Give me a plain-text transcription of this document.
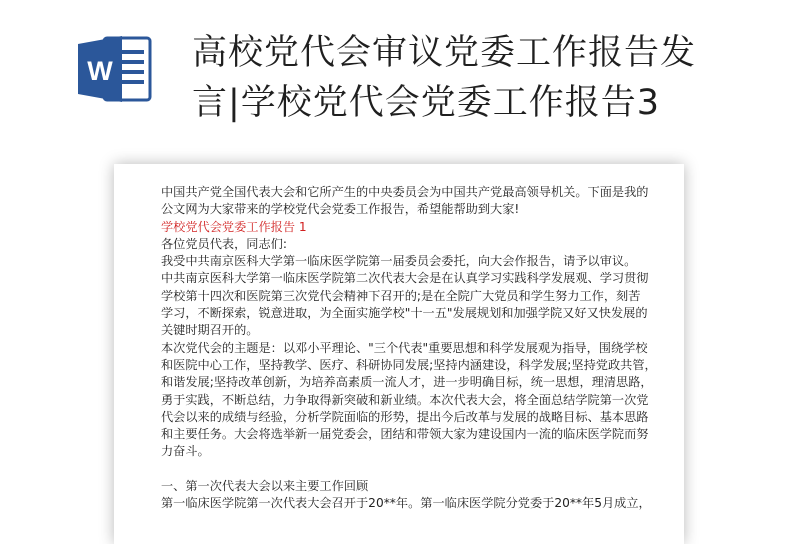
W 高校党代会审议党委工作报告发
言|学校党代会党委工作报告3
中国共产党全国代表大会和它所产生的中央委员会为中国共产党最高领导机关。下面是我的
公文网为大家带来的学校党代会党委工作报告，希望能帮助到大家!
学校党代会党委工作报告 1
各位党员代表，同志们:
我受中共南京医科大学第一临床医学院第一届委员会委托，向大会作报告，请予以审议。
中共南京医科大学第一临床医学院第二次代表大会是在认真学习实践科学发展观、学习贯彻
学校第十四次和医院第三次党代会精神下召开的;是在全院广大党员和学生努力工作，刻苦
学习，不断探索，锐意进取，为全面实施学校"十一五"发展规划和加强学院又好又快发展的
关键时期召开的。
本次党代会的主题是：以邓小平理论、"三个代表"重要思想和科学发展观为指导，围绕学校
和医院中心工作，坚持教学、医疗、科研协同发展;坚持内涵建设，科学发展;坚持党政共管，
和谐发展;坚持改革创新，为培养高素质一流人才，进一步明确目标，统一思想，理清思路，
勇于实践，不断总结，力争取得新突破和新业绩。本次代表大会，将全面总结学院第一次党
代会以来的成绩与经验，分析学院面临的形势，提出今后改革与发展的战略目标、基本思路
和主要任务。大会将选举新一届党委会，团结和带领大家为建设国内一流的临床医学院而努
力奋斗。
一、第一次代表大会以来主要工作回顾
第一临床医学院第一次代表大会召开于20**年。第一临床医学院分党委于20**年5月成立，
